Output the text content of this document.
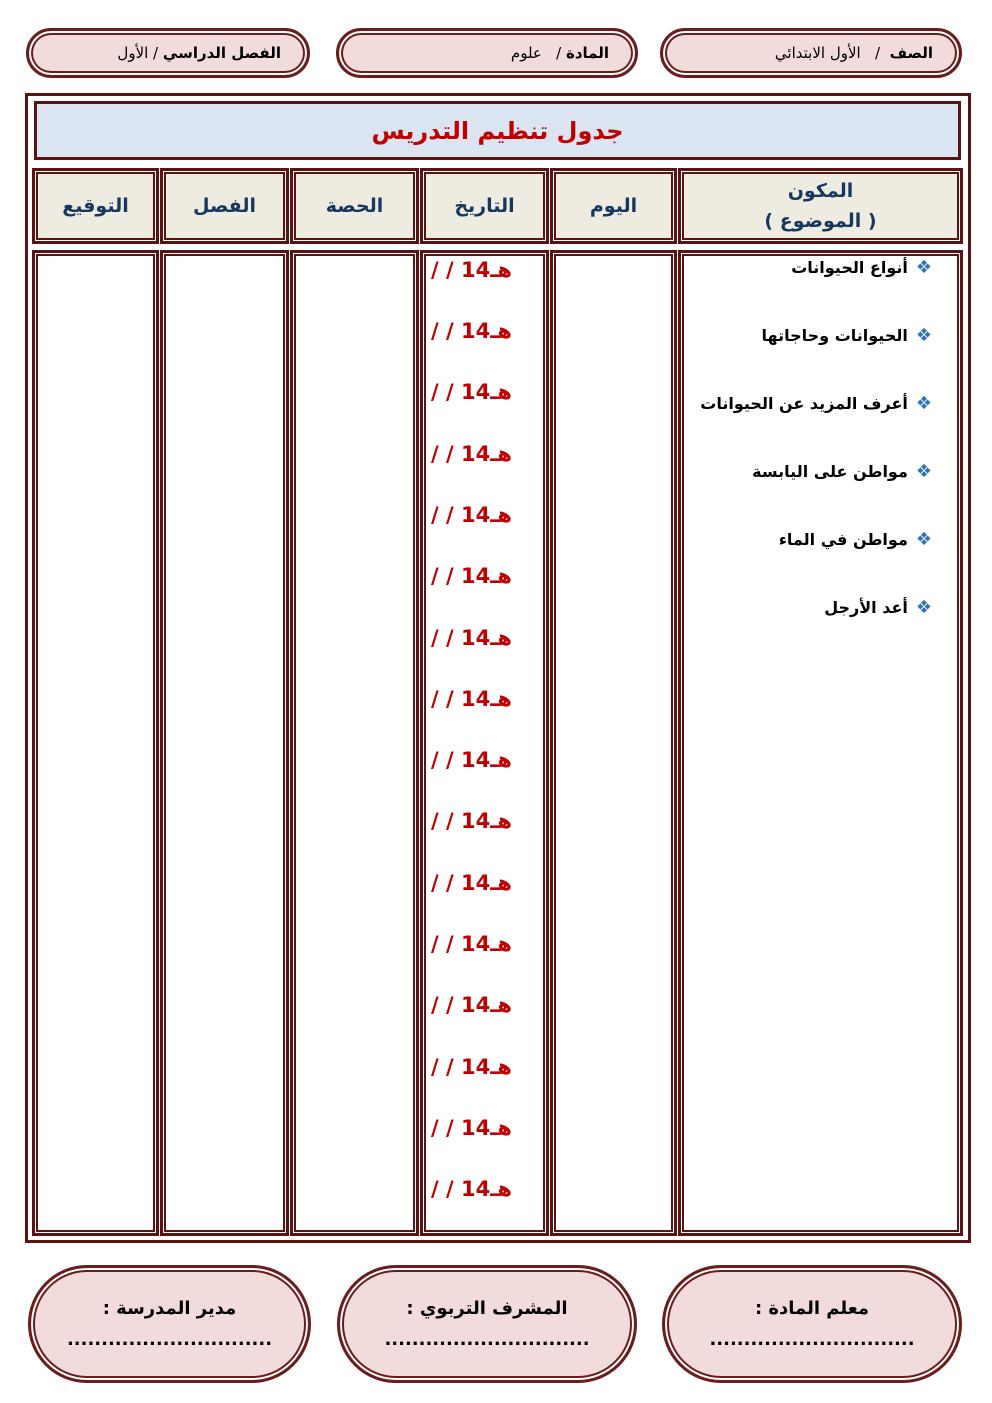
الصف
/   الأول الابتدائي
المادة
/   علوم
الفصل الدراسي
/ الأول
جدول تنظيم التدريس
المكون
( الموضوع )
اليوم
التاريخ
الحصة
الفصل
التوقيع
❖
أنواع الحيوانات
❖
الحيوانات وحاجاتها
❖
أعرف المزيد عن الحيوانات
❖
مواطن على اليابسة
❖
مواطن في الماء
❖
أعد الأرجل
/ / 14هـ
/ / 14هـ
/ / 14هـ
/ / 14هـ
/ / 14هـ
/ / 14هـ
/ / 14هـ
/ / 14هـ
/ / 14هـ
/ / 14هـ
/ / 14هـ
/ / 14هـ
/ / 14هـ
/ / 14هـ
/ / 14هـ
/ / 14هـ
معلم المادة :
..............................
المشرف التربوي :
..............................
مدير المدرسة :
..............................
